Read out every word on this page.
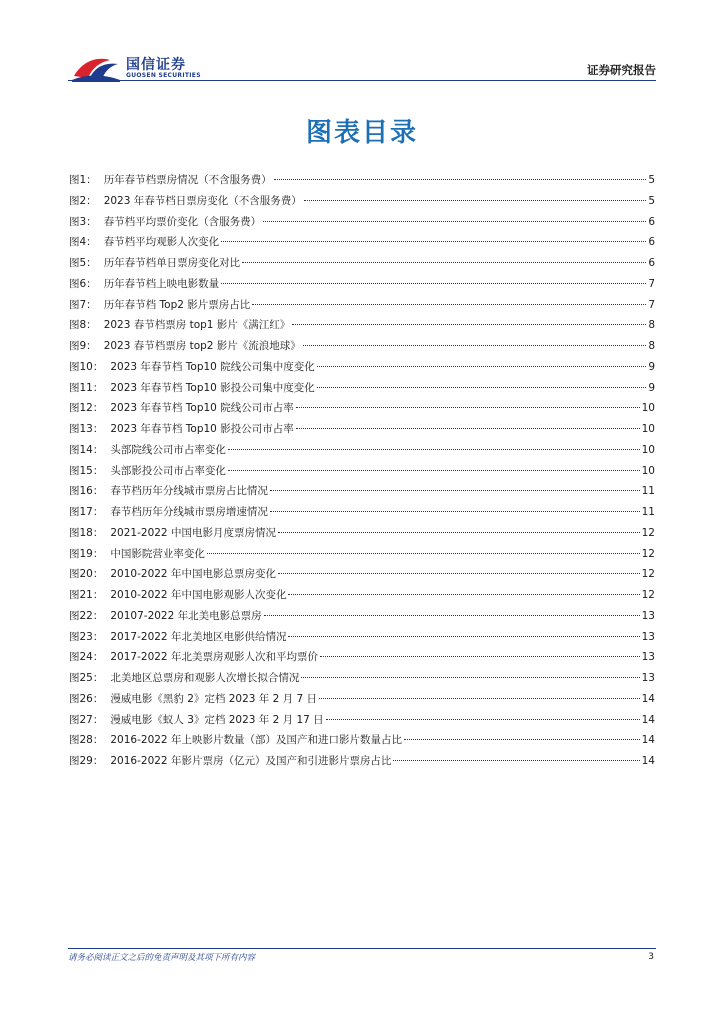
国信证券
GUOSEN SECURITIES	证券研究报告
图表目录
图1： 历年春节档票房情况（不含服务费）	5
图2： 2023 年春节档日票房变化（不含服务费）	5
图3： 春节档平均票价变化（含服务费）	6
图4： 春节档平均观影人次变化	6
图5： 历年春节档单日票房变化对比	6
图6： 历年春节档上映电影数量	7
图7： 历年春节档 Top2 影片票房占比	7
图8： 2023 春节档票房 top1 影片《满江红》	8
图9： 2023 春节档票房 top2 影片《流浪地球》	8
图10： 2023 年春节档 Top10 院线公司集中度变化	9
图11： 2023 年春节档 Top10 影投公司集中度变化	9
图12： 2023 年春节档 Top10 院线公司市占率	10
图13： 2023 年春节档 Top10 影投公司市占率	10
图14： 头部院线公司市占率变化	10
图15： 头部影投公司市占率变化	10
图16： 春节档历年分线城市票房占比情况	11
图17： 春节档历年分线城市票房增速情况	11
图18： 2021-2022 中国电影月度票房情况	12
图19： 中国影院营业率变化	12
图20： 2010-2022 年中国电影总票房变化	12
图21： 2010-2022 年中国电影观影人次变化	12
图22： 20107-2022 年北美电影总票房	13
图23： 2017-2022 年北美地区电影供给情况	13
图24： 2017-2022 年北美票房观影人次和平均票价	13
图25： 北美地区总票房和观影人次增长拟合情况	13
图26： 漫威电影《黑豹 2》定档 2023 年 2 月 7 日	14
图27： 漫威电影《蚁人 3》定档 2023 年 2 月 17 日	14
图28： 2016-2022 年上映影片数量（部）及国产和进口影片数量占比	14
图29： 2016-2022 年影片票房（亿元）及国产和引进影片票房占比	14
请务必阅读正文之后的免责声明及其项下所有内容	3
